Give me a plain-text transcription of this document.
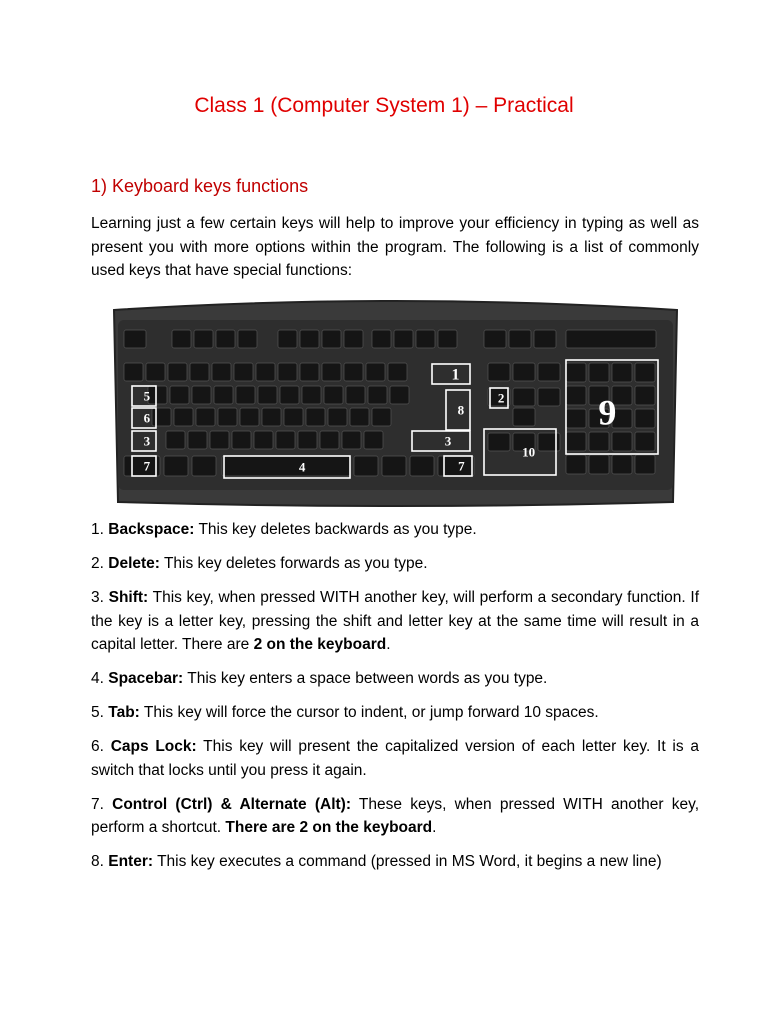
Class 1 (Computer System 1) – Practical
1) Keyboard keys functions
Learning just a few certain keys will help to improve your efficiency in typing as well as present you with more options within the program. The following is a list of commonly used keys that have special functions:
1
2
3
4
5
6
3
7	7
8	9
10
1. Backspace: This key deletes backwards as you type.
2. Delete: This key deletes forwards as you type.
3. Shift: This key, when pressed WITH another key, will perform a secondary function. If the key is a letter key, pressing the shift and letter key at the same time will result in a capital letter. There are 2 on the keyboard.
4. Spacebar: This key enters a space between words as you type.
5. Tab: This key will force the cursor to indent, or jump forward 10 spaces.
6. Caps Lock: This key will present the capitalized version of each letter key. It is a switch that locks until you press it again.
7. Control (Ctrl) & Alternate (Alt): These keys, when pressed WITH another key, perform a shortcut. There are 2 on the keyboard.
8. Enter: This key executes a command (pressed in MS Word, it begins a new line)
